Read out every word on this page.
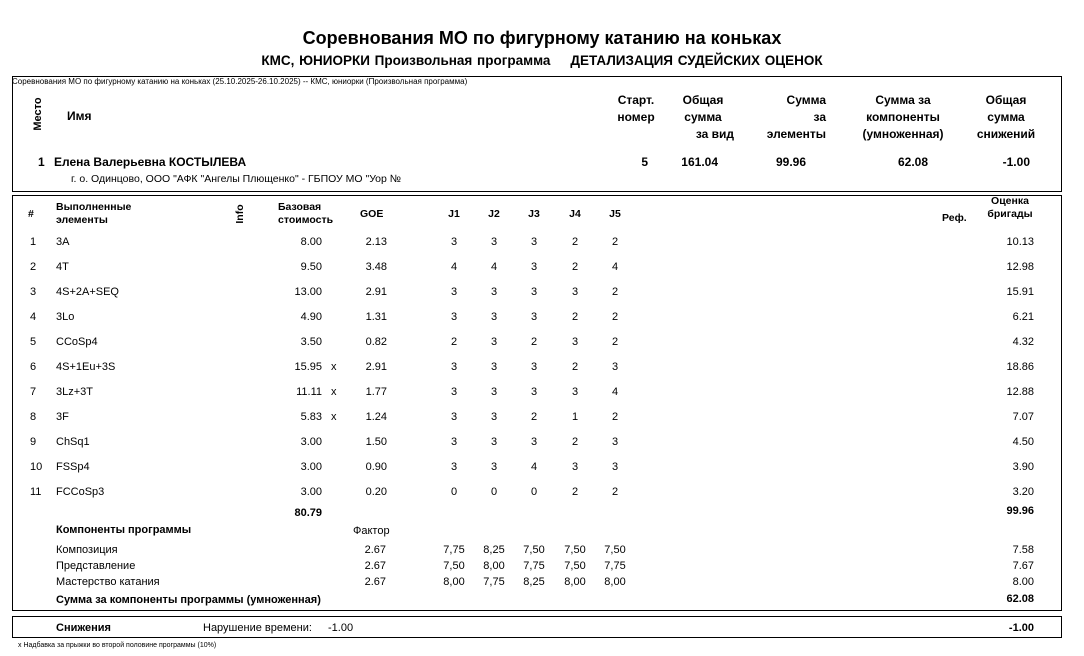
Соревнования МО по фигурному катанию на коньках
КМС, ЮНИОРКИ Произвольная программа ДЕТАЛИЗАЦИЯ СУДЕЙСКИХ ОЦЕНОК
Соревнования МО по фигурному катанию на коньках (25.10.2025-26.10.2025) -- КМС, юниорки (Произвольная программа)
Место Имя
Старт.
номер
Общая
сумма
за вид
Сумма
за
элементы
Сумма за
компоненты
(умноженная)
Общая
сумма
снижений
1 Елена Валерьевна КОСТЫЛЕВА
г. о. Одинцово, ООО "АФК "Ангелы Плющенко" - ГБПОУ МО "Уор №
5	161.04	99.96	62.08	-1.00
#
Выполненные
элементы	Info	Базовая
стоимость	GOE	J1	J2	J3	J4	J5	Реф.
Оценка
бригады
1 3A	8.00	2.13	3	3	3	2	2	10.13
2 4T	9.50	3.48	4	4	3	2	4	12.98
3 4S+2A+SEQ	13.00	2.91	3	3	3	3	2	15.91
4 3Lo	4.90	1.31	3	3	3	2	2	6.21
5 CCoSp4	3.50	0.82	2	3	2	3	2	4.32
6 4S+1Eu+3S	15.95 x	2.91	3	3	3	2	3	18.86
7 3Lz+3T	11.11 x	1.77	3	3	3	3	4	12.88
8 3F	5.83 x	1.24	3	3	2	1	2	7.07
9 ChSq1	3.00	1.50	3	3	3	2	3	4.50
10 FSSp4	3.00	0.90	3	3	4	3	3	3.90
11 FCCoSp3	3.00	0.20	0	0	0	2	2	3.20
80.79	99.96
Компоненты программы	Фактор
Композиция	2.67	7,75	8,25	7,50	7,50	7,50	7.58
Представление	2.67	7,50	8,00	7,75	7,50	7,75	7.67
Мастерство катания	2.67	8,00	7,75	8,25	8,00	8,00	8.00
Сумма за компоненты программы (умноженная)	62.08
Снижения	Нарушение времени: -1.00	-1.00
x Надбавка за прыжки во второй половине программы (10%)
